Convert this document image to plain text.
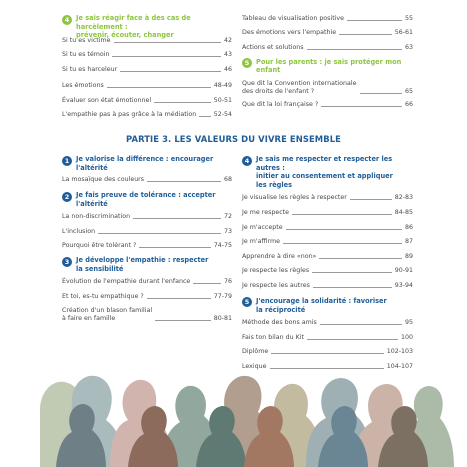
4	Je sais réagir face à des cas de harcèlement :
prévenir, écouter, changer
Si tu es victime	42
Si tu es témoin	43
Si tu es harceleur	46
Les émotions	48-49
Évaluer son état émotionnel	50-51
L'empathie pas à pas grâce à la médiation	52-54
Tableau de visualisation positive	55
Des émotions vers l'empathie	56-61
Actions et solutions	63
5	Pour les parents : je sais protéger mon enfant
Que dit la Convention internationale
des droits de l'enfant ?	65
Que dit la loi française ?	66
PARTIE 3. LES VALEURS DU VIVRE ENSEMBLE
1	Je valorise la différence : encourager
l'altérité
La mosaïque des couleurs	68
2	Je fais preuve de tolérance : accepter
l'altérité
La non-discrimination	72
L'inclusion	73
Pourquoi être tolérant ?	74-75
3	Je développe l'empathie : respecter
la sensibilité
Évolution de l'empathie durant l'enfance	76
Et toi, es-tu empathique ?	77-79
Création d'un blason familial
à faire en famille	80-81
4	Je sais me respecter et respecter les autres :
initier au consentement et appliquer
les règles
Je visualise les règles à respecter	82-83
Je me respecte	84-85
Je m'accepte	86
Je m'affirme	87
Apprendre à dire «non»	89
Je respecte les règles	90-91
Je respecte les autres	93-94
5	J'encourage la solidarité : favoriser
la réciprocité
Méthode des bons amis	95
Fais ton bilan du Kit	100
Diplôme	102-103
Lexique	104-107
